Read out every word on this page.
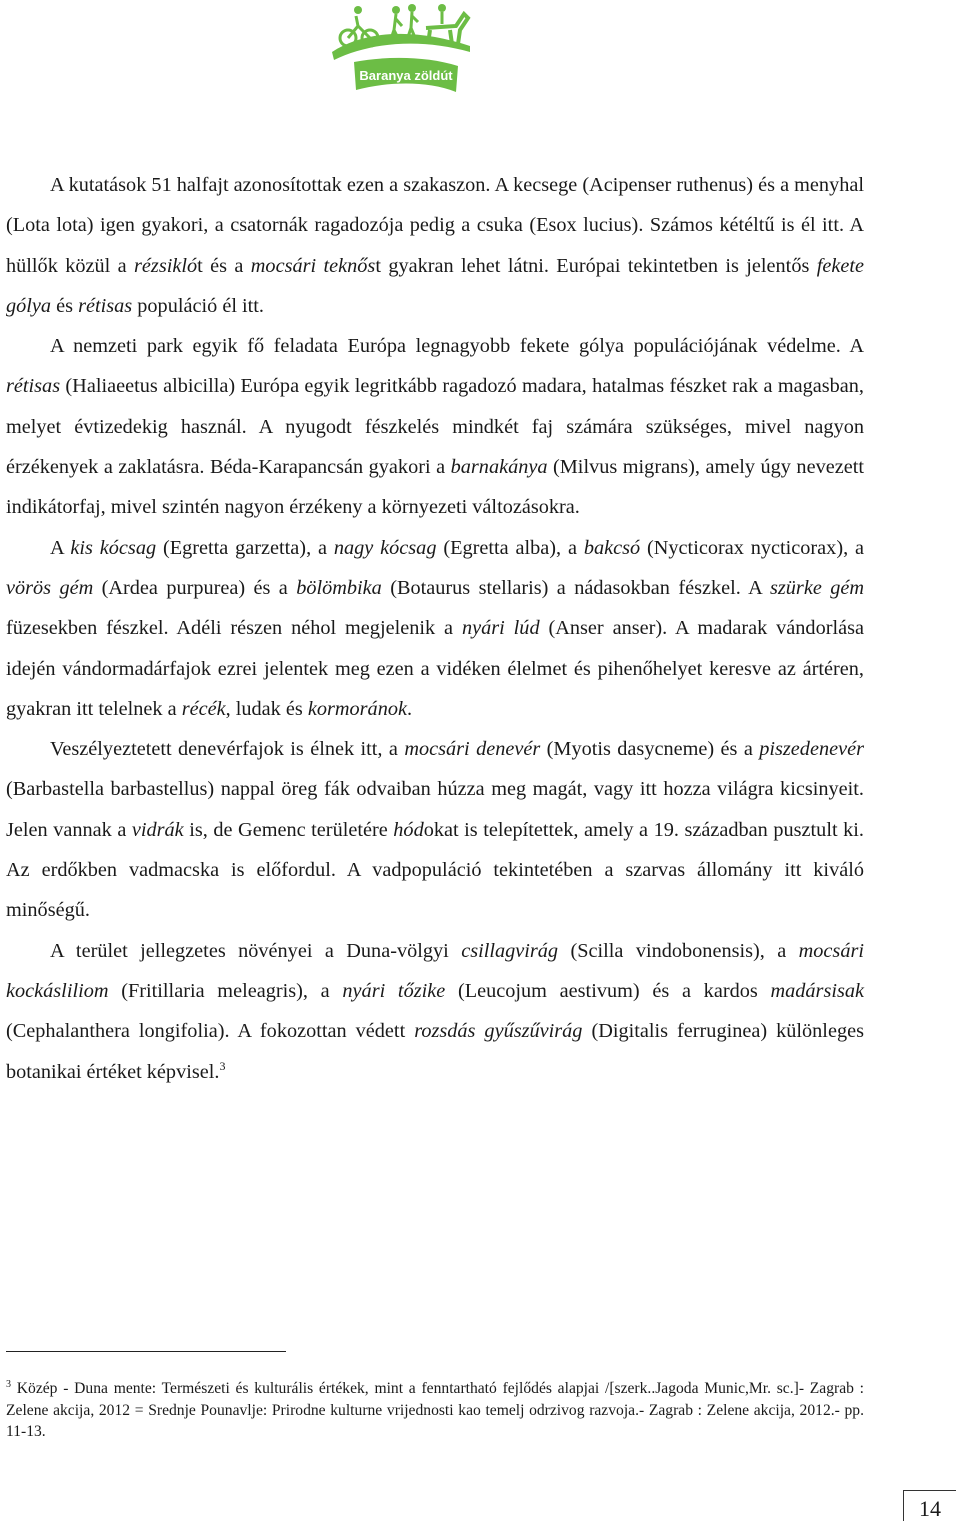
Baranya zöldút

A kutatások 51 halfajt azonosítottak ezen a szakaszon. A kecsege (Acipenser ruthenus) és a menyhal (Lota lota) igen gyakori, a csatornák ragadozója pedig a csuka (Esox lucius). Számos kétéltű is él itt. A hüllők közül a rézsiklót és a mocsári teknőst gyakran lehet látni. Európai tekintetben is jelentős fekete gólya és rétisas populáció él itt.

A nemzeti park egyik fő feladata Európa legnagyobb fekete gólya populációjának védelme. A rétisas (Haliaeetus albicilla) Európa egyik legritkább ragadozó madara, hatalmas fészket rak a magasban, melyet évtizedekig használ. A nyugodt fészkelés mindkét faj számára szükséges, mivel nagyon érzékenyek a zaklatásra. Béda-Karapancsán gyakori a barnakánya (Milvus migrans), amely úgy nevezett indikátorfaj, mivel szintén nagyon érzékeny a környezeti változásokra.

A kis kócsag (Egretta garzetta), a nagy kócsag (Egretta alba), a bakcsó (Nycticorax nycticorax), a vörös gém (Ardea purpurea) és a bölömbika (Botaurus stellaris) a nádasokban fészkel. A szürke gém füzesekben fészkel. Adéli részen néhol megjelenik a nyári lúd (Anser anser). A madarak vándorlása idején vándormadárfajok ezrei jelentek meg ezen a vidéken élelmet és pihenőhelyet keresve az ártéren, gyakran itt telelnek a récék, ludak és kormoránok.

Veszélyeztetett denevérfajok is élnek itt, a mocsári denevér (Myotis dasycneme) és a piszedenevér (Barbastella barbastellus) nappal öreg fák odvaiban húzza meg magát, vagy itt hozza világra kicsinyeit. Jelen vannak a vidrák is, de Gemenc területére hódokat is telepítettek, amely a 19. században pusztult ki. Az erdőkben vadmacska is előfordul. A vadpopuláció tekintetében a szarvas állomány itt kiváló minőségű.

A terület jellegzetes növényei a Duna-völgyi csillagvirág (Scilla vindobonensis), a mocsári kockásliliom (Fritillaria meleagris), a nyári tőzike (Leucojum aestivum) és a kardos madársisak (Cephalanthera longifolia). A fokozottan védett rozsdás gyűszűvirág (Digitalis ferruginea) különleges botanikai értéket képvisel.$^3$

$^3$ Közép - Duna mente: Természeti és kulturális értékek, mint a fenntartható fejlődés alapjai /[szerk..Jagoda Munic,Mr. sc.]- Zagrab : Zelene akcija, 2012 = Srednje Pounavlje: Prirodne kulturne vrijednosti kao temelj odrzivog razvoja.- Zagrab : Zelene akcija, 2012.- pp. 11-13.
14
